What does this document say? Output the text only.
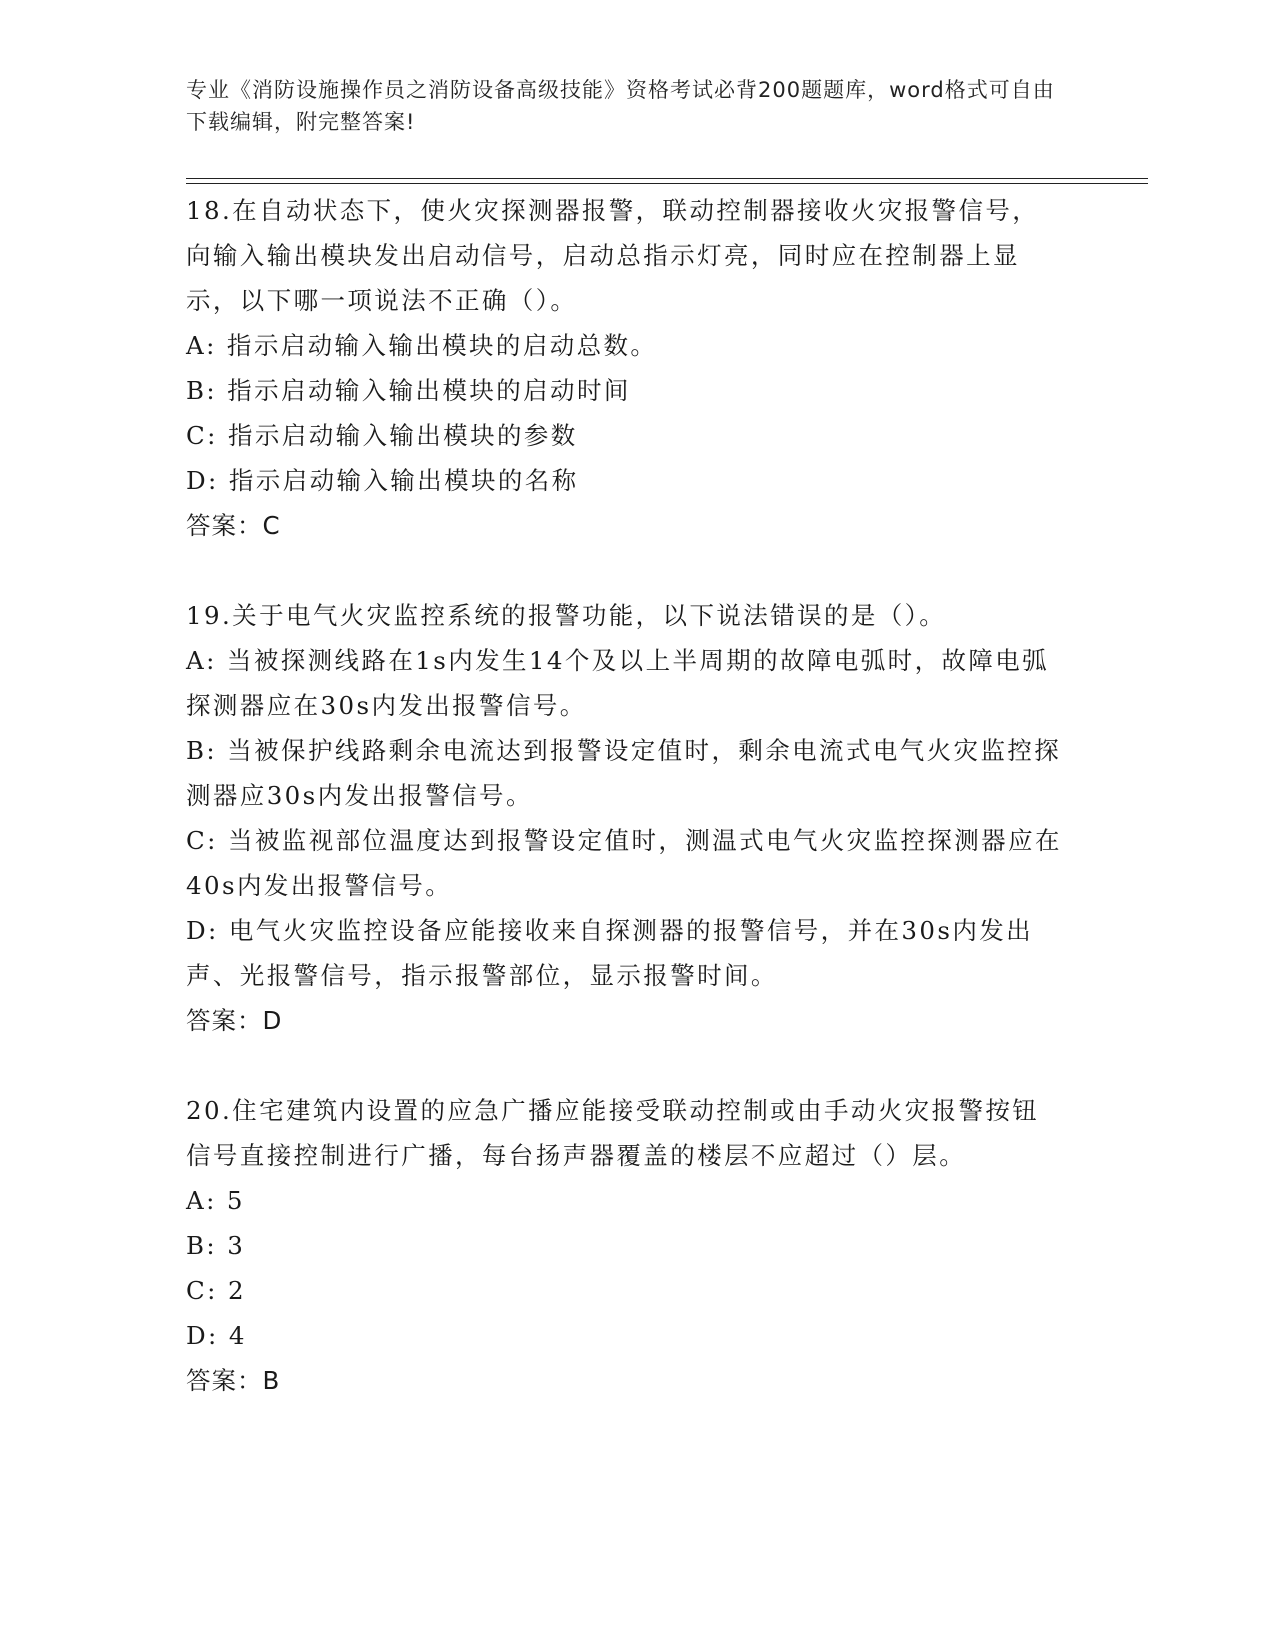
专业《消防设施操作员之消防设备高级技能》资格考试必背200题题库，word格式可自由下载编辑，附完整答案!
18.在自动状态下，使火灾探测器报警，联动控制器接收火灾报警信号，向输入输出模块发出启动信号，启动总指示灯亮，同时应在控制器上显示，以下哪一项说法不正确（）。
A: 指示启动输入输出模块的启动总数。
B: 指示启动输入输出模块的启动时间
C: 指示启动输入输出模块的参数
D: 指示启动输入输出模块的名称
答案：C
19.关于电气火灾监控系统的报警功能，以下说法错误的是（）。
A: 当被探测线路在1s内发生14个及以上半周期的故障电弧时，故障电弧探测器应在30s内发出报警信号。
B: 当被保护线路剩余电流达到报警设定值时，剩余电流式电气火灾监控探测器应30s内发出报警信号。
C: 当被监视部位温度达到报警设定值时，测温式电气火灾监控探测器应在40s内发出报警信号。
D: 电气火灾监控设备应能接收来自探测器的报警信号，并在30s内发出声、光报警信号，指示报警部位，显示报警时间。
答案：D
20.住宅建筑内设置的应急广播应能接受联动控制或由手动火灾报警按钮信号直接控制进行广播，每台扬声器覆盖的楼层不应超过（）层。
A: 5
B: 3
C: 2
D: 4
答案：B
